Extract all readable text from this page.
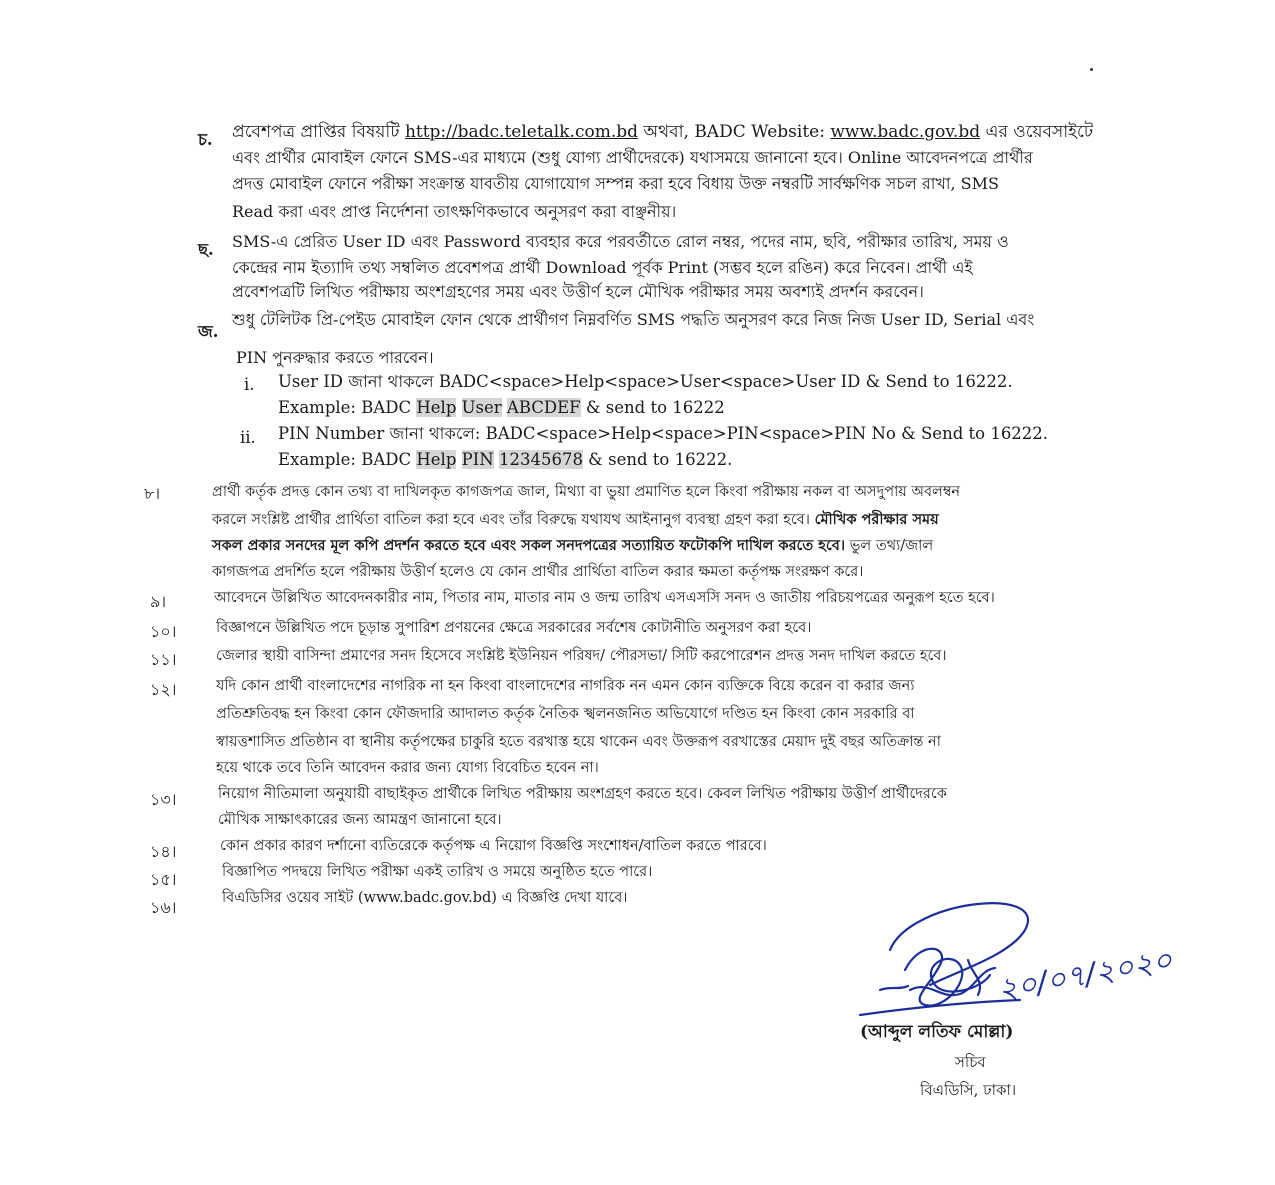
চ. প্রবেশপত্র প্রাপ্তির বিষয়টি http://badc.teletalk.com.bd অথবা, BADC Website: www.badc.gov.bd এর ওয়েবসাইটে
এবং প্রার্থীর মোবাইল ফোনে SMS-এর মাধ্যমে (শুধু যোগ্য প্রার্থীদেরকে) যথাসময়ে জানানো হবে। Online আবেদনপত্রে প্রার্থীর
প্রদত্ত মোবাইল ফোনে পরীক্ষা সংক্রান্ত যাবতীয় যোগাযোগ সম্পন্ন করা হবে বিধায় উক্ত নম্বরটি সার্বক্ষণিক সচল রাখা, SMS
Read করা এবং প্রাপ্ত নির্দেশনা তাৎক্ষণিকভাবে অনুসরণ করা বাঞ্ছনীয়।
ছ. SMS-এ প্রেরিত User ID এবং Password ব্যবহার করে পরবর্তীতে রোল নম্বর, পদের নাম, ছবি, পরীক্ষার তারিখ, সময় ও
কেন্দ্রের নাম ইত্যাদি তথ্য সম্বলিত প্রবেশপত্র প্রার্থী Download পূর্বক Print (সম্ভব হলে রঙিন) করে নিবেন। প্রার্থী এই
প্রবেশপত্রটি লিখিত পরীক্ষায় অংশগ্রহণের সময় এবং উত্তীর্ণ হলে মৌখিক পরীক্ষার সময় অবশ্যই প্রদর্শন করবেন।
জ.
শুধু টেলিটক প্রি-পেইড মোবাইল ফোন থেকে প্রার্থীগণ নিম্নবর্ণিত SMS পদ্ধতি অনুসরণ করে নিজ নিজ User ID, Serial এবং
PIN পুনরুদ্ধার করতে পারবেন।
i. User ID জানা থাকলে BADC<space>Help<space>User<space>User ID & Send to 16222.
Example: BADC Help User ABCDEF & send to 16222
ii. PIN Number জানা থাকলে: BADC<space>Help<space>PIN<space>PIN No & Send to 16222.
Example: BADC Help PIN 12345678 & send to 16222.
৮।	প্রার্থী কর্তৃক প্রদত্ত কোন তথ্য বা দাখিলকৃত কাগজপত্র জাল, মিথ্যা বা ভুয়া প্রমাণিত হলে কিংবা পরীক্ষায় নকল বা অসদুপায় অবলম্বন
করলে সংশ্লিষ্ট প্রার্থীর প্রার্থিতা বাতিল করা হবে এবং তাঁর বিরুদ্ধে যথাযথ আইনানুগ ব্যবস্থা গ্রহণ করা হবে। মৌখিক পরীক্ষার সময়
সকল প্রকার সনদের মূল কপি প্রদর্শন করতে হবে এবং সকল সনদপত্রের সত্যায়িত ফটোকপি দাখিল করতে হবে। ভুল তথ্য/জাল
কাগজপত্র প্রদর্শিত হলে পরীক্ষায় উত্তীর্ণ হলেও যে কোন প্রার্থীর প্রার্থিতা বাতিল করার ক্ষমতা কর্তৃপক্ষ সংরক্ষণ করে।
৯।	আবেদনে উল্লিখিত আবেদনকারীর নাম, পিতার নাম, মাতার নাম ও জন্ম তারিখ এসএসসি সনদ ও জাতীয় পরিচয়পত্রের অনুরূপ হতে হবে।
১০।	বিজ্ঞাপনে উল্লিখিত পদে চূড়ান্ত সুপারিশ প্রণয়নের ক্ষেত্রে সরকারের সর্বশেষ কোটানীতি অনুসরণ করা হবে।
১১।	জেলার স্থায়ী বাসিন্দা প্রমাণের সনদ হিসেবে সংশ্লিষ্ট ইউনিয়ন পরিষদ/ পৌরসভা/ সিটি করপোরেশন প্রদত্ত সনদ দাখিল করতে হবে।
১২।	যদি কোন প্রার্থী বাংলাদেশের নাগরিক না হন কিংবা বাংলাদেশের নাগরিক নন এমন কোন ব্যক্তিকে বিয়ে করেন বা করার জন্য
প্রতিশ্রুতিবদ্ধ হন কিংবা কোন ফৌজদারি আদালত কর্তৃক নৈতিক স্খলনজনিত অভিযোগে দণ্ডিত হন কিংবা কোন সরকারি বা
স্বায়ত্তশাসিত প্রতিষ্ঠান বা স্থানীয় কর্তৃপক্ষের চাকুরি হতে বরখাস্ত হয়ে থাকেন এবং উক্তরূপ বরখাস্তের মেয়াদ দুই বছর অতিক্রান্ত না
হয়ে থাকে তবে তিনি আবেদন করার জন্য যোগ্য বিবেচিত হবেন না।
১৩।	নিয়োগ নীতিমালা অনুযায়ী বাছাইকৃত প্রার্থীকে লিখিত পরীক্ষায় অংশগ্রহণ করতে হবে। কেবল লিখিত পরীক্ষায় উত্তীর্ণ প্রার্থীদেরকে
মৌখিক সাক্ষাৎকারের জন্য আমন্ত্রণ জানানো হবে।
১৪।	কোন প্রকার কারণ দর্শানো ব্যতিরেকে কর্তৃপক্ষ এ নিয়োগ বিজ্ঞপ্তি সংশোধন/বাতিল করতে পারবে।
১৫।	বিজ্ঞাপিত পদদ্বয়ে লিখিত পরীক্ষা একই তারিখ ও সময়ে অনুষ্ঠিত হতে পারে।
১৬।	বিএডিসির ওয়েব সাইট (www.badc.gov.bd) এ বিজ্ঞপ্তি দেখা যাবে।
২০/০৭/২০২০
(আব্দুল লতিফ মোল্লা)
সচিব
বিএডিসি, ঢাকা।
